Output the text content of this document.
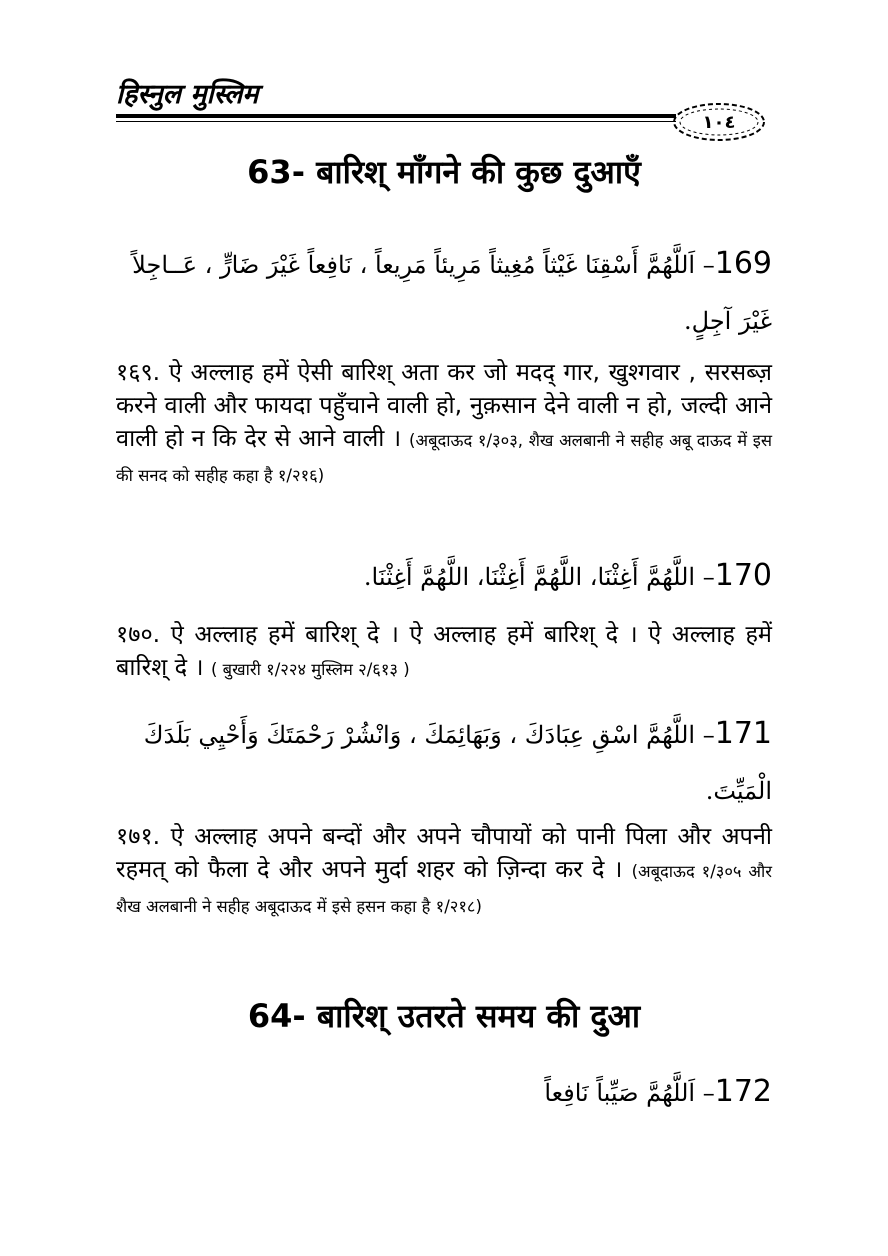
हिस्नुल मुस्लिम
١٠٤
63- बारिश् माँगने की कुछ दुआएँ
169– اَللَّهُمَّ أَسْقِنَا غَيْثاً مُغِيثاً مَرِيئاً مَرِيعاً ، نَافِعاً غَيْرَ ضَارٍّ ، عَــاجِلاً غَيْرَ آجِلٍ.
१६९. ऐ अल्लाह हमें ऐसी बारिश् अता कर जो मदद् गार, खुश्गवार , सरसब्ज़ करने वाली और फायदा पहुँचाने वाली हो, नुक़सान देने वाली न हो, जल्दी आने वाली हो न कि देर से आने वाली । (अबूदाऊद १/३०३, शैख अलबानी ने सहीह अबू दाऊद में इस की सनद को सहीह कहा है १/२१६)
170– اللَّهُمَّ أَغِثْنَا، اللَّهُمَّ أَغِثْنَا، اللَّهُمَّ أَغِثْنَا.
१७०. ऐ अल्लाह हमें बारिश् दे । ऐ अल्लाह हमें बारिश् दे । ऐ अल्लाह हमें बारिश् दे । ( बुखारी १/२२४ मुस्लिम २/६१३ )
171– اللَّهُمَّ اسْقِ عِبَادَكَ ، وَبَهَائِمَكَ ، وَانْشُرْ رَحْمَتَكَ وَأَحْيِي بَلَدَكَ الْمَيِّتَ.
१७१. ऐ अल्लाह अपने बन्दों और अपने चौपायों को पानी पिला और अपनी रहमत् को फैला दे और अपने मुर्दा शहर को ज़िन्दा कर दे । (अबूदाऊद १/३०५ और शैख अलबानी ने सहीह अबूदाऊद में इसे हसन कहा है १/२१८)
64- बारिश् उतरते समय की दुआ
172– اَللَّهُمَّ صَيِّباً نَافِعاً
